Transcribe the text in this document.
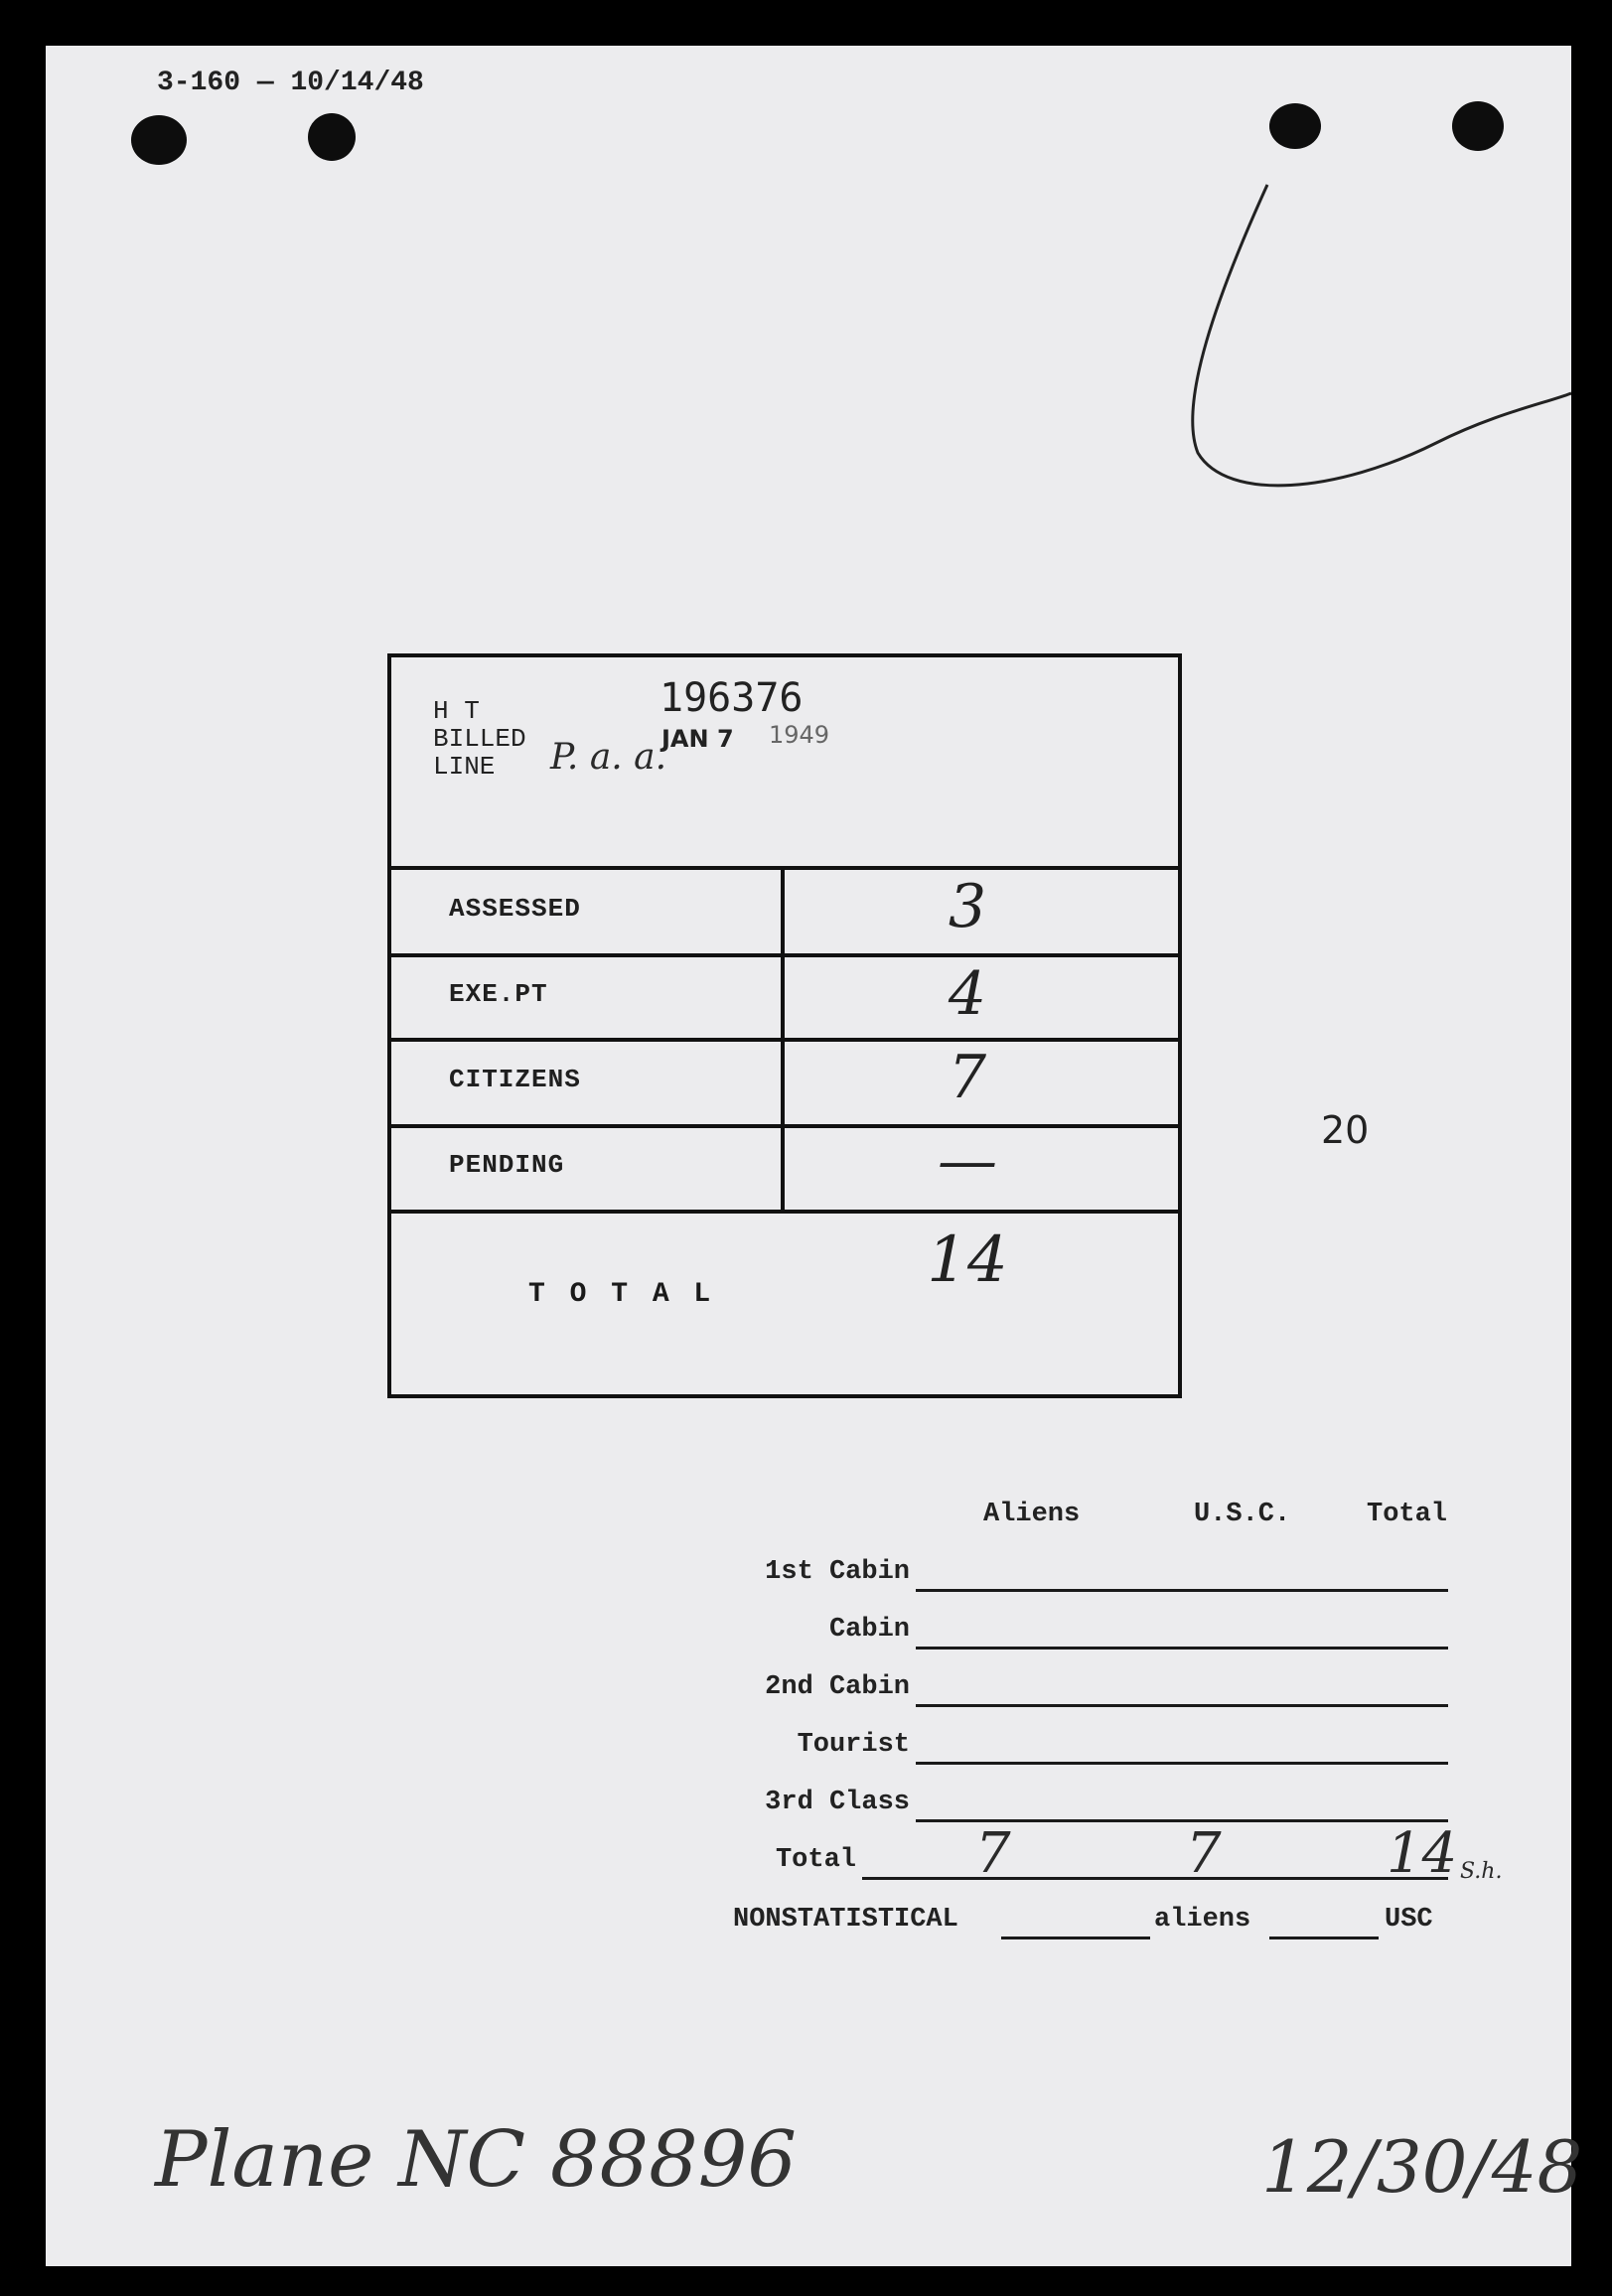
3-160 — 10/14/48
H T
BILLED
LINE
196376
JAN 7 1949
P. a. a.
ASSESSED	3
EXE.PT	4
CITIZENS	7
PENDING	—
T O T A L	14
20
Aliens	U.S.C.	Total
1st Cabin
Cabin
2nd Cabin
Tourist
3rd Class
Total 7	7	14 S.h.
NONSTATISTICAL	aliens	USC
Plane NC 88896	12/30/48
